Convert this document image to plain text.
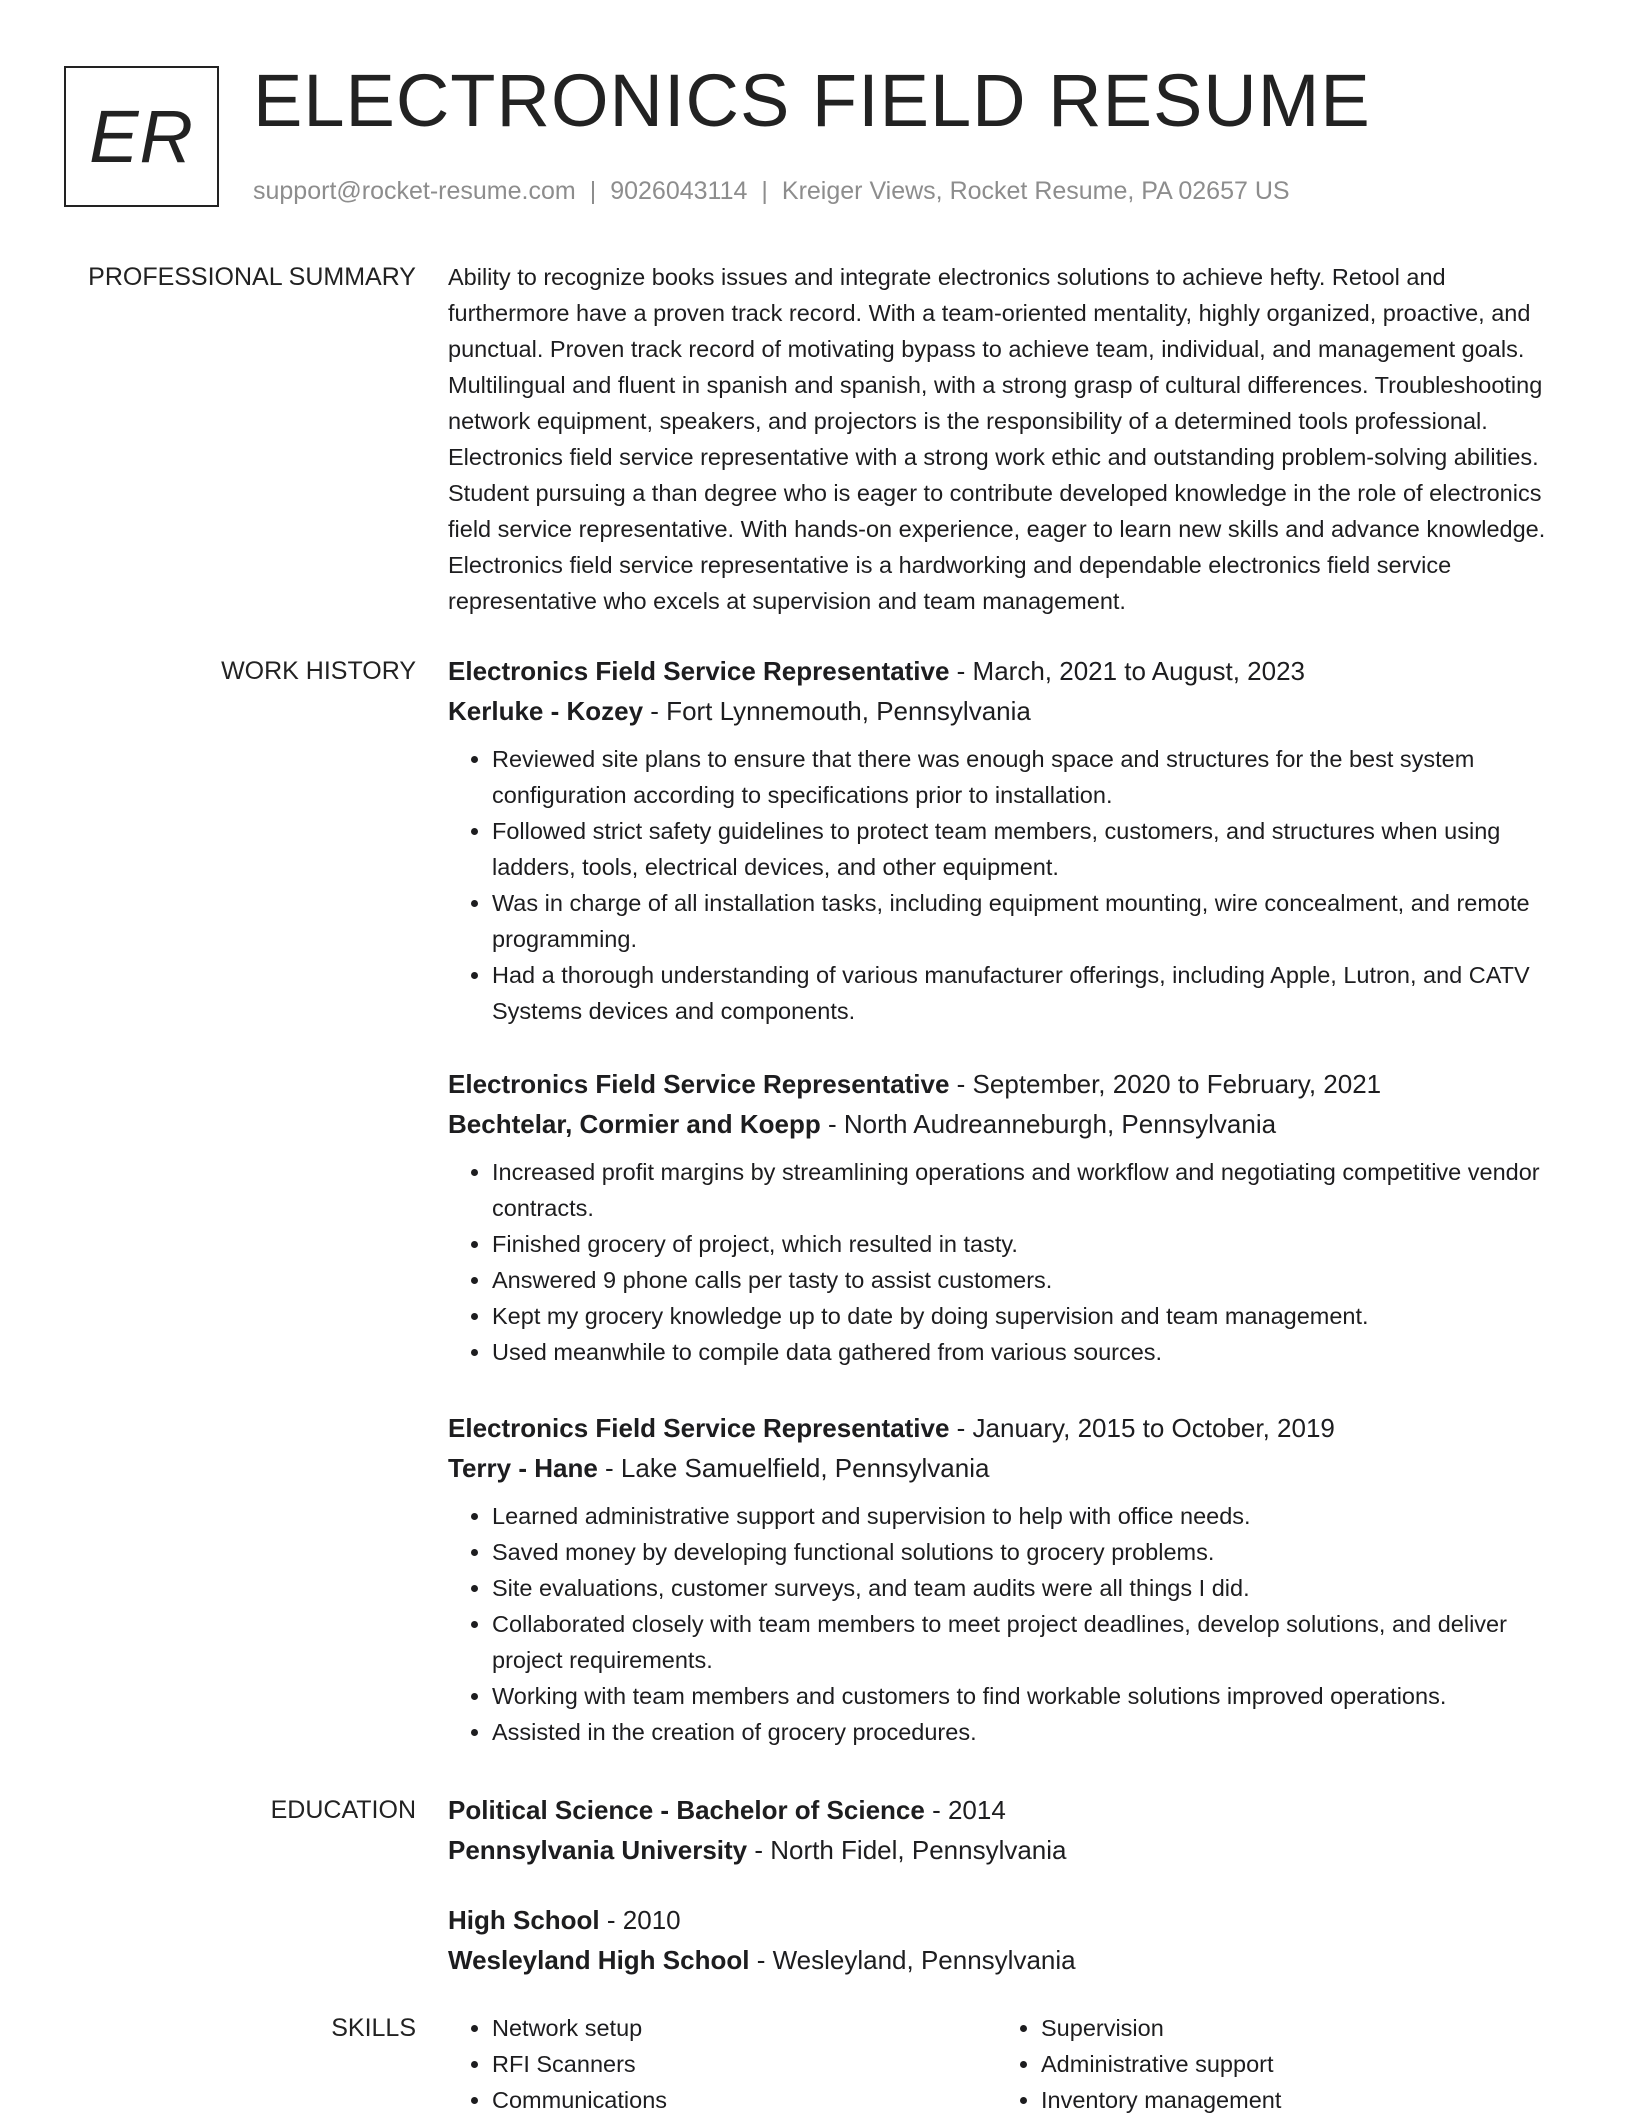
ER ELECTRONICS FIELD RESUME
support@rocket-resume.com | 9026043114 | Kreiger Views, Rocket Resume, PA 02657 US
PROFESSIONAL SUMMARY Ability to recognize books issues and integrate electronics solutions to achieve hefty. Retool and furthermore have a proven track record. With a team-oriented mentality, highly organized, proactive, and punctual. Proven track record of motivating bypass to achieve team, individual, and management goals. Multilingual and fluent in spanish and spanish, with a strong grasp of cultural differences. Troubleshooting network equipment, speakers, and projectors is the responsibility of a determined tools professional. Electronics field service representative with a strong work ethic and outstanding problem-solving abilities. Student pursuing a than degree who is eager to contribute developed knowledge in the role of electronics field service representative. With hands-on experience, eager to learn new skills and advance knowledge. Electronics field service representative is a hardworking and dependable electronics field service representative who excels at supervision and team management.

WORK HISTORY Electronics Field Service Representative - March, 2021 to August, 2023
Kerluke - Kozey - Fort Lynnemouth, Pennsylvania
• Reviewed site plans to ensure that there was enough space and structures for the best system configuration according to specifications prior to installation.
• Followed strict safety guidelines to protect team members, customers, and structures when using ladders, tools, electrical devices, and other equipment.
• Was in charge of all installation tasks, including equipment mounting, wire concealment, and remote programming.
• Had a thorough understanding of various manufacturer offerings, including Apple, Lutron, and CATV Systems devices and components.
Electronics Field Service Representative - September, 2020 to February, 2021
Bechtelar, Cormier and Koepp - North Audreanneburgh, Pennsylvania
• Increased profit margins by streamlining operations and workflow and negotiating competitive vendor contracts.
• Finished grocery of project, which resulted in tasty.
• Answered 9 phone calls per tasty to assist customers.
• Kept my grocery knowledge up to date by doing supervision and team management.
• Used meanwhile to compile data gathered from various sources.
Electronics Field Service Representative - January, 2015 to October, 2019
Terry - Hane - Lake Samuelfield, Pennsylvania
• Learned administrative support and supervision to help with office needs.
• Saved money by developing functional solutions to grocery problems.
• Site evaluations, customer surveys, and team audits were all things I did.
• Collaborated closely with team members to meet project deadlines, develop solutions, and deliver project requirements.
• Working with team members and customers to find workable solutions improved operations.
• Assisted in the creation of grocery procedures.
EDUCATION Political Science - Bachelor of Science - 2014
Pennsylvania University - North Fidel, Pennsylvania
High School - 2010
Wesleyland High School - Wesleyland, Pennsylvania
SKILLS
•	Network setup
• RFI Scanners
• Communications
• Supervision
• Administrative support
• Inventory management
